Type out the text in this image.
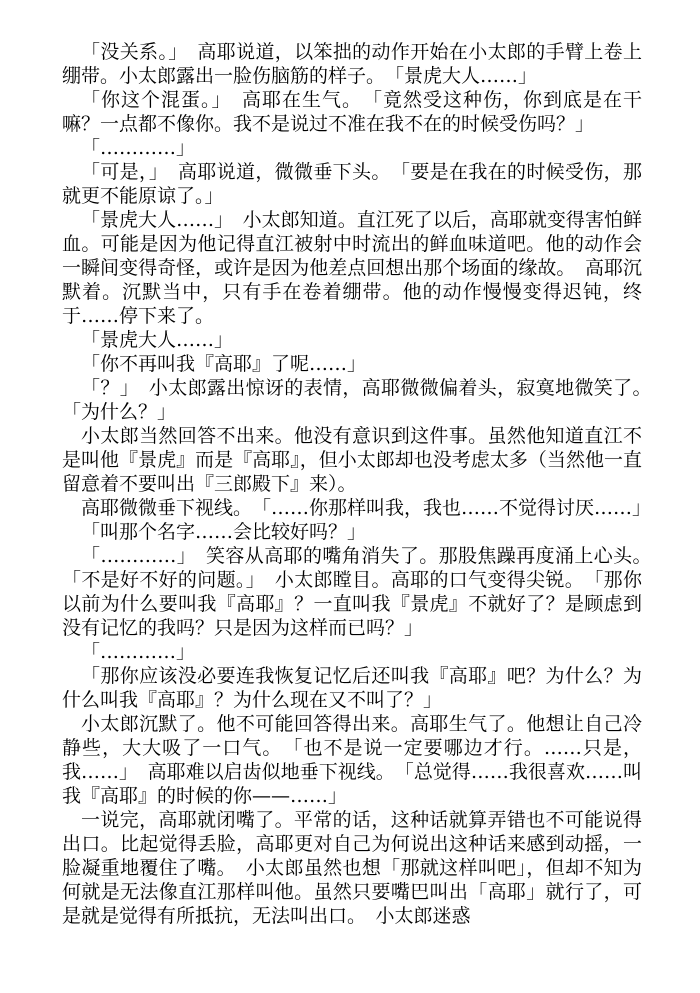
「没关系。」　高耶说道，以笨拙的动作开始在小太郎的手臂上卷上绷带。小太郎露出一脸伤脑筋的样子。　「景虎大人……」

「你这个混蛋。」　高耶在生气。　「竟然受这种伤，你到底是在干嘛？一点都不像你。我不是说过不准在我不在的时候受伤吗？」

「…………」

「可是，」　高耶说道，微微垂下头。　「要是在我在的时候受伤，那就更不能原谅了。」

「景虎大人……」　小太郎知道。直江死了以后，高耶就变得害怕鲜血。可能是因为他记得直江被射中时流出的鲜血味道吧。他的动作会一瞬间变得奇怪，或许是因为他差点回想出那个场面的缘故。　高耶沉默着。沉默当中，只有手在卷着绷带。他的动作慢慢变得迟钝，终于……停下来了。

「景虎大人……」

「你不再叫我『高耶』了呢……」

「？」　小太郎露出惊讶的表情，高耶微微偏着头，寂寞地微笑了。　「为什么？」

小太郎当然回答不出来。他没有意识到这件事。虽然他知道直江不是叫他『景虎』而是『高耶』，但小太郎却也没考虑太多（当然他一直留意着不要叫出『三郎殿下』来）。

高耶微微垂下视线。　「……你那样叫我，我也……不觉得讨厌……」

「叫那个名字……会比较好吗？」

「…………」　笑容从高耶的嘴角消失了。那股焦躁再度涌上心头。　「不是好不好的问题。」　小太郎瞠目。高耶的口气变得尖锐。　「那你以前为什么要叫我『高耶』？一直叫我『景虎』不就好了？是顾虑到没有记忆的我吗？只是因为这样而已吗？」

「…………」

「那你应该没必要连我恢复记忆后还叫我『高耶』吧？为什么？为什么叫我『高耶』？为什么现在又不叫了？」

小太郎沉默了。他不可能回答得出来。高耶生气了。他想让自己冷静些，大大吸了一口气。　「也不是说一定要哪边才行。……只是，我……」　高耶难以启齿似地垂下视线。　「总觉得……我很喜欢……叫我『高耶』的时候的你——……」

一说完，高耶就闭嘴了。平常的话，这种话就算弄错也不可能说得出口。比起觉得丢脸，高耶更对自己为何说出这种话来感到动摇，一脸凝重地覆住了嘴。　小太郎虽然也想「那就这样叫吧」，但却不知为何就是无法像直江那样叫他。虽然只要嘴巴叫出「高耶」就行了，可是就是觉得有所抵抗，无法叫出口。　小太郎迷惑
